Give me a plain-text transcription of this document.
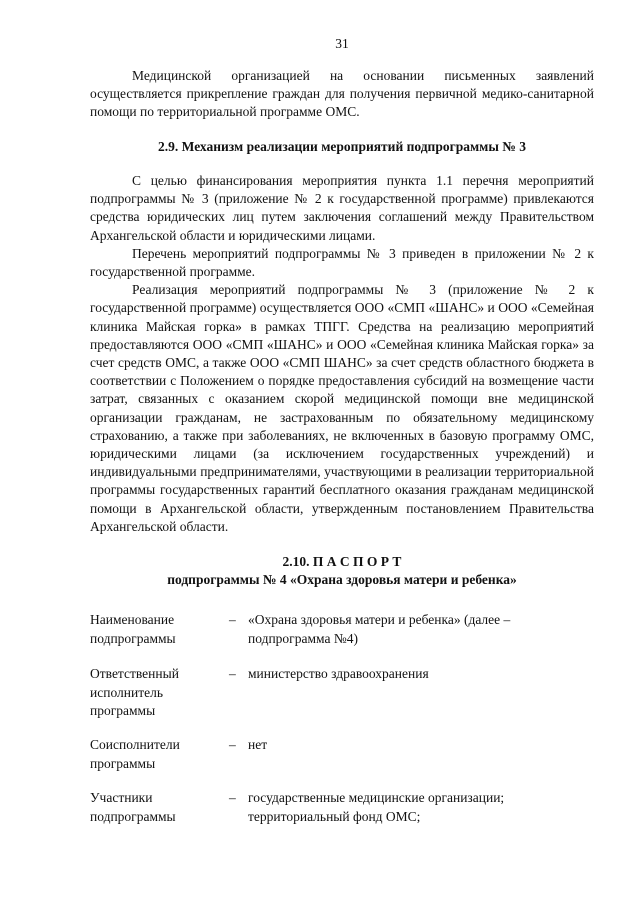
31

Медицинской организацией на основании письменных заявлений осуществляется прикрепление граждан для получения первичной медико-санитарной помощи по территориальной программе ОМС.

2.9. Механизм реализации мероприятий подпрограммы № 3

С целью финансирования мероприятия пункта 1.1 перечня мероприятий подпрограммы № 3 (приложение № 2 к государственной программе) привлекаются средства юридических лиц путем заключения соглашений между Правительством Архангельской области и юридическими лицами.

Перечень мероприятий подпрограммы № 3 приведен в приложении № 2 к государственной программе.

Реализация мероприятий подпрограммы № 3 (приложение № 2 к государственной программе) осуществляется ООО «СМП «ШАНС» и ООО «Семейная клиника Майская горка» в рамках ТПГГ. Средства на реализацию мероприятий предоставляются ООО «СМП «ШАНС» и ООО «Семейная клиника Майская горка» за счет средств ОМС, а также ООО «СМП ШАНС» за счет средств областного бюджета в соответствии с Положением о порядке предоставления субсидий на возмещение части затрат, связанных с оказанием скорой медицинской помощи вне медицинской организации гражданам, не застрахованным по обязательному медицинскому страхованию, а также при заболеваниях, не включенных в базовую программу ОМС, юридическими лицами (за исключением государственных учреждений) и индивидуальными предпринимателями, участвующими в реализации территориальной программы государственных гарантий бесплатного оказания гражданам медицинской помощи в Архангельской области, утвержденным постановлением Правительства Архангельской области.

2.10. П А С П О Р Т
подпрограммы № 4 «Охрана здоровья матери и ребенка»
Наименование
подпрограммы
– «Охрана здоровья матери и ребенка» (далее –
подпрограмма №4)
Ответственный
исполнитель
программы
– министерство здравоохранения
Соисполнители
программы
– нет
Участники
подпрограммы
– государственные медицинские организации;
территориальный фонд ОМС;
